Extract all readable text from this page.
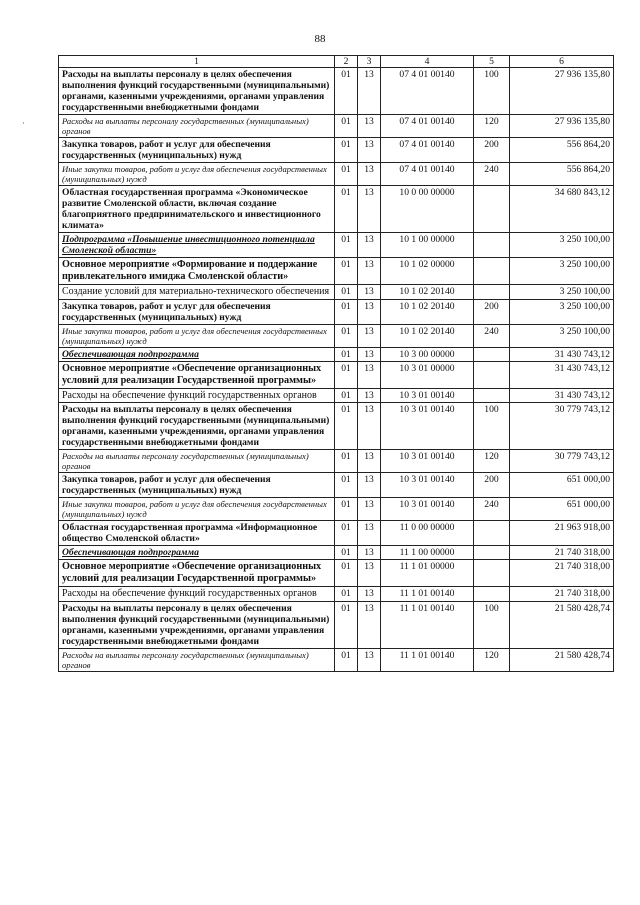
88
·
1	2	3	4	5	6
Расходы на выплаты персоналу в целях обеспечения выполнения функций государственными (муниципальными) органами, казенными учреждениями, органами управления государственными внебюджетными фондами	01	13	07 4 01 00140	100	27 936 135,80
Расходы на выплаты персоналу государственных (муниципальных) органов	01	13	07 4 01 00140	120	27 936 135,80
Закупка товаров, работ и услуг для обеспечения государственных (муниципальных) нужд	01	13	07 4 01 00140	200	556 864,20
Иные закупки товаров, работ и услуг для обеспечения государственных (муниципальных) нужд	01	13	07 4 01 00140	240	556 864,20
Областная государственная программа «Экономическое развитие Смоленской области, включая создание благоприятного предпринимательского и инвестиционного климата»	01	13	10 0 00 00000		34 680 843,12
Подпрограмма «Повышение инвестиционного потенциала Смоленской области»	01	13	10 1 00 00000		3 250 100,00
Основное мероприятие «Формирование и поддержание привлекательного имиджа Смоленской области»	01	13	10 1 02 00000		3 250 100,00
Создание условий для материально-технического обеспечения	01	13	10 1 02 20140		3 250 100,00
Закупка товаров, работ и услуг для обеспечения государственных (муниципальных) нужд	01	13	10 1 02 20140	200	3 250 100,00
Иные закупки товаров, работ и услуг для обеспечения государственных (муниципальных) нужд	01	13	10 1 02 20140	240	3 250 100,00
Обеспечивающая подпрограмма	01	13	10 3 00 00000		31 430 743,12
Основное мероприятие «Обеспечение организационных условий для реализации Государственной программы»	01	13	10 3 01 00000		31 430 743,12
Расходы на обеспечение функций государственных органов	01	13	10 3 01 00140		31 430 743,12
Расходы на выплаты персоналу в целях обеспечения выполнения функций государственными (муниципальными) органами, казенными учреждениями, органами управления государственными внебюджетными фондами	01	13	10 3 01 00140	100	30 779 743,12
Расходы на выплаты персоналу государственных (муниципальных) органов	01	13	10 3 01 00140	120	30 779 743,12
Закупка товаров, работ и услуг для обеспечения государственных (муниципальных) нужд	01	13	10 3 01 00140	200	651 000,00
Иные закупки товаров, работ и услуг для обеспечения государственных (муниципальных) нужд	01	13	10 3 01 00140	240	651 000,00
Областная государственная программа «Информационное общество Смоленской области»	01	13	11 0 00 00000		21 963 918,00
Обеспечивающая подпрограмма	01	13	11 1 00 00000		21 740 318,00
Основное мероприятие «Обеспечение организационных условий для реализации Государственной программы»	01	13	11 1 01 00000		21 740 318,00
Расходы на обеспечение функций государственных органов	01	13	11 1 01 00140		21 740 318,00
Расходы на выплаты персоналу в целях обеспечения выполнения функций государственными (муниципальными) органами, казенными учреждениями, органами управления государственными внебюджетными фондами	01	13	11 1 01 00140	100	21 580 428,74
Расходы на выплаты персоналу государственных (муниципальных) органов	01	13	11 1 01 00140	120	21 580 428,74
